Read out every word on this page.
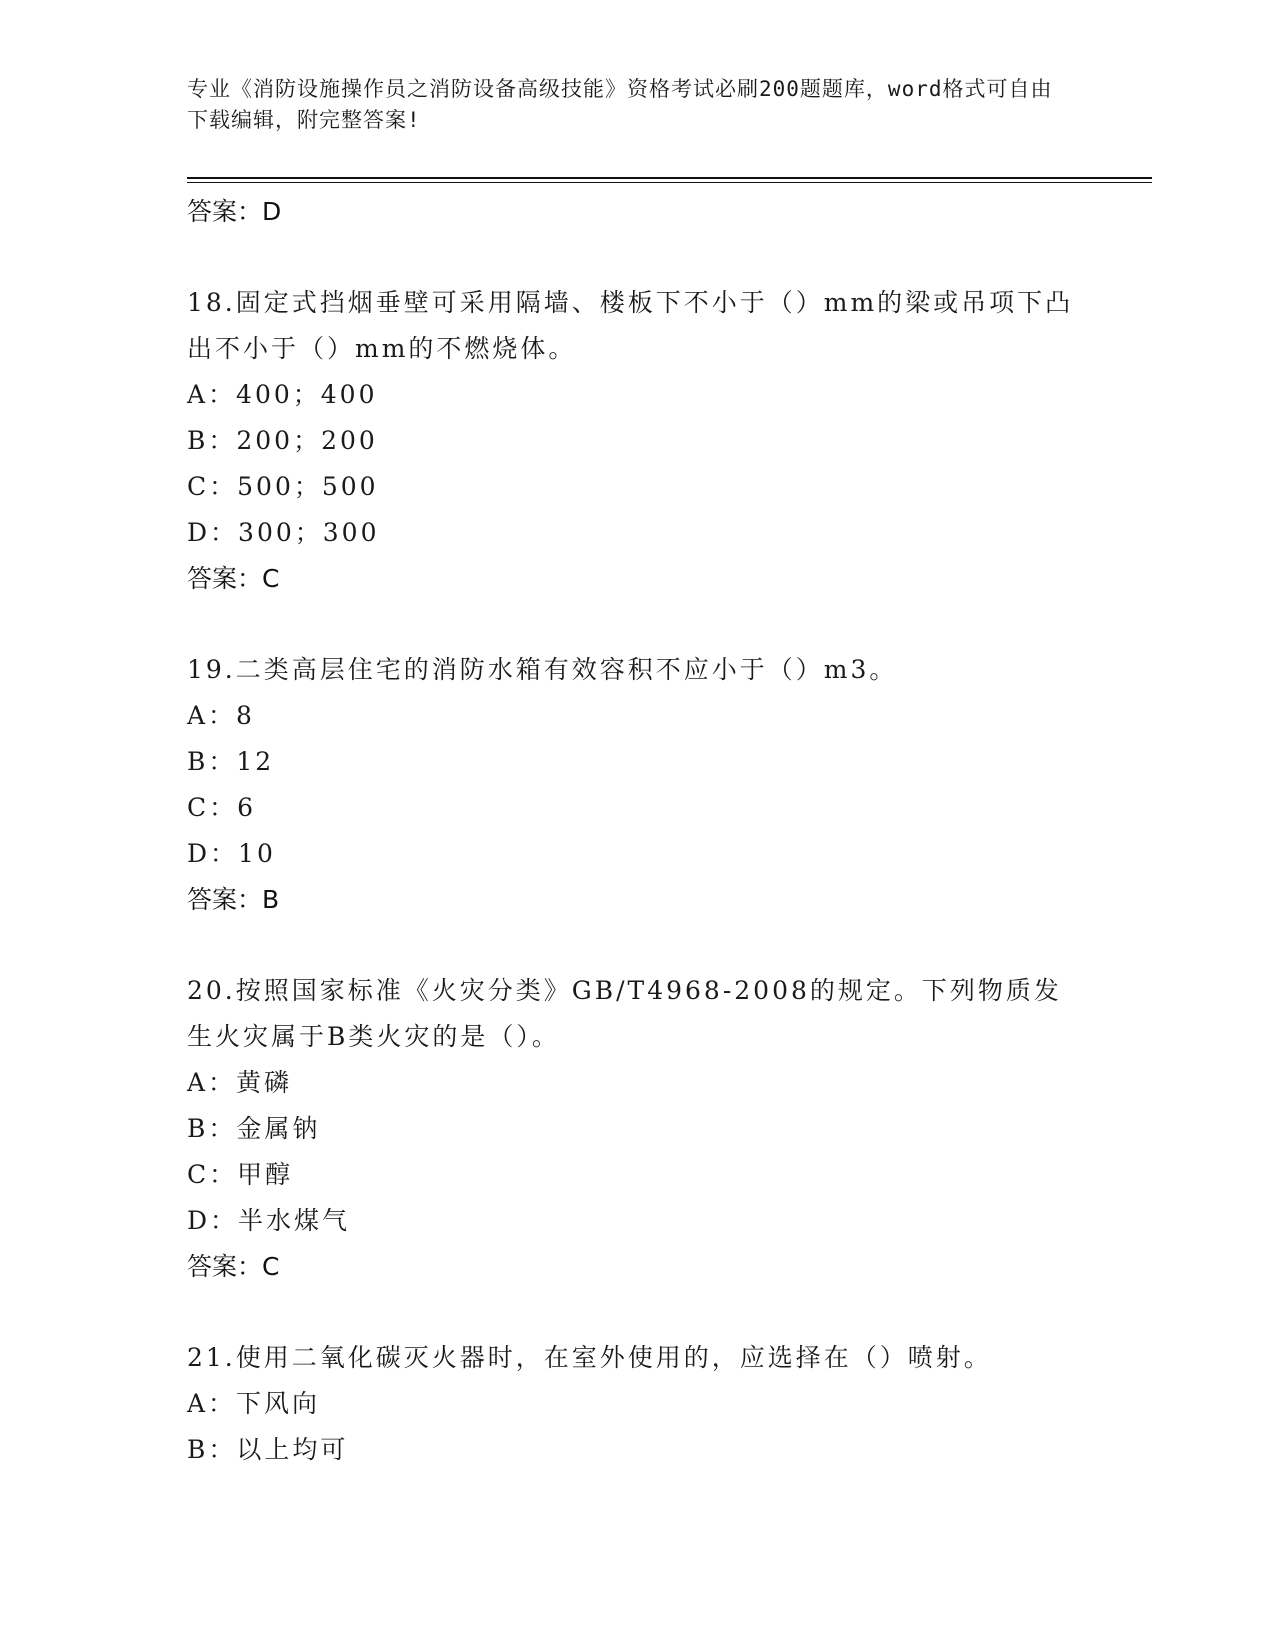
专业《消防设施操作员之消防设备高级技能》资格考试必刷200题题库，word格式可自由下载编辑，附完整答案!
答案：D
18.固定式挡烟垂壁可采用隔墙、楼板下不小于（）mm的梁或吊项下凸出不小于（）mm的不燃烧体。
A：400；400
B：200；200
C：500；500
D：300；300
答案：C
19.二类高层住宅的消防水箱有效容积不应小于（）m3。
A：8
B：12
C：6
D：10
答案：B
20.按照国家标准《火灾分类》GB/T4968-2008的规定。下列物质发生火灾属于B类火灾的是（）。
A：黄磷
B：金属钠
C：甲醇
D：半水煤气
答案：C
21.使用二氧化碳灭火器时，在室外使用的，应选择在（）喷射。
A：下风向
B：以上均可
